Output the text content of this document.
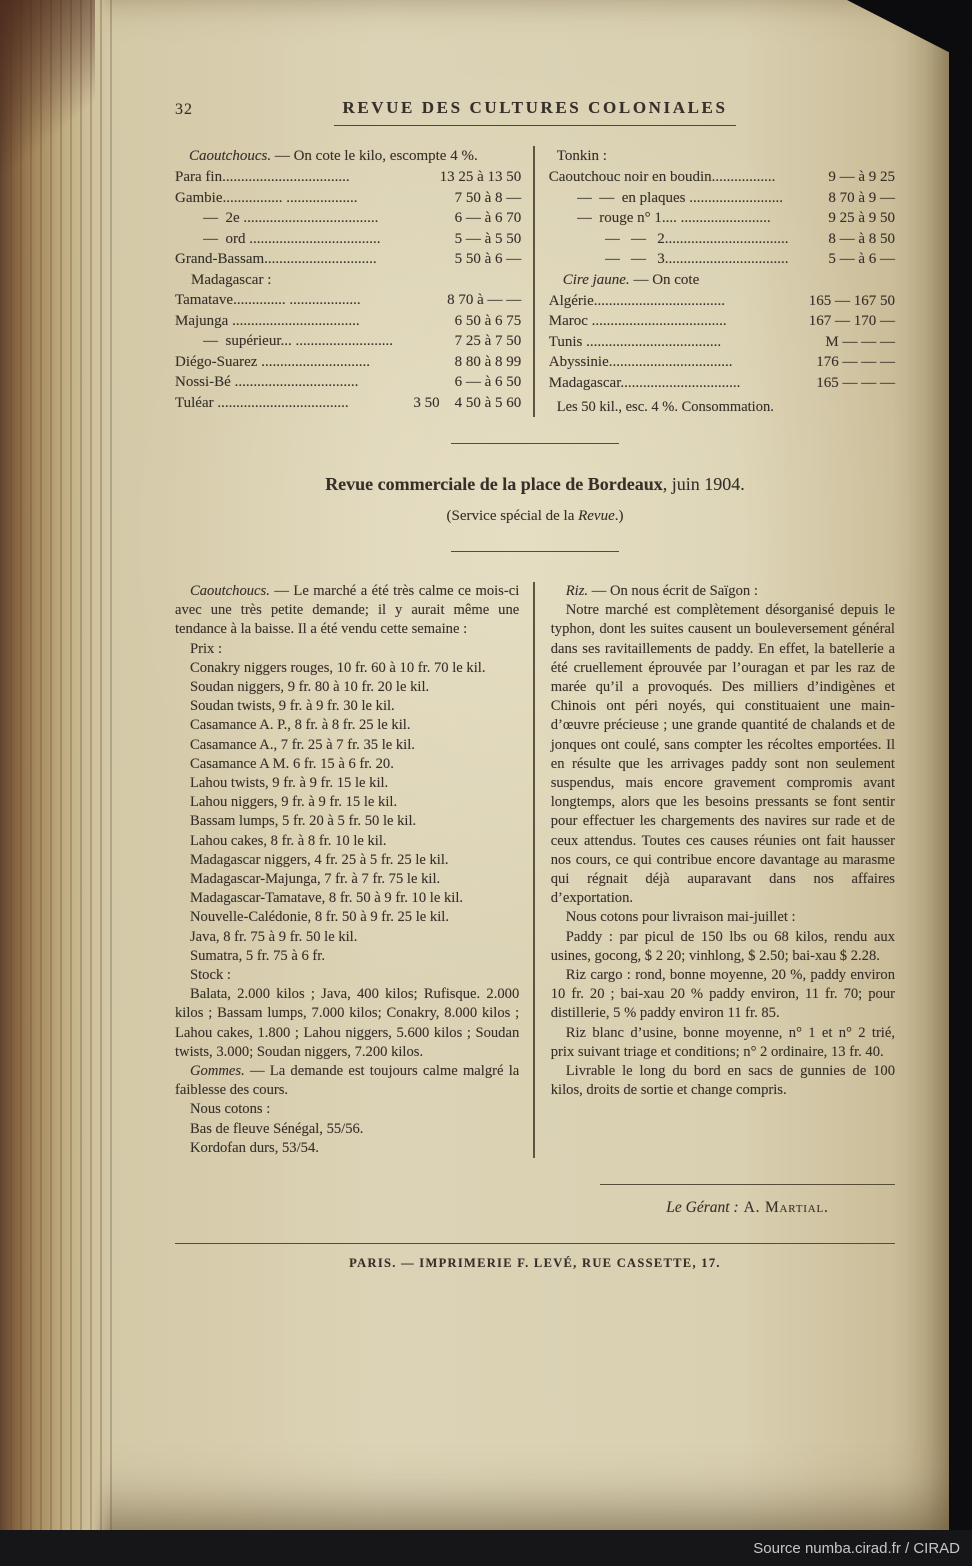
32	REVUE DES CULTURES COLONIALES

Caoutchoucs. — On cote le kilo, escompte 4 %.

Para fin..................................	13 25 à 13 50
Gambie................ ...................	7 50 à 8 —
—  2e ....................................	6 — à 6 70
—  ord ...................................	5 — à 5 50
Grand-Bassam..............................	5 50 à 6 —
Madagascar :
Tamatave.............. ...................	8 70 à — —
Majunga ..................................	6 50 à 6 75
—  supérieur... ..........................	7 25 à 7 50
Diégo-Suarez .............................	8 80 à 8 99
Nossi-Bé .................................	6 — à 6 50
Tuléar ...................................	3 50    4 50 à 5 60

Tonkin :

Caoutchouc noir en boudin.................	9 — à 9 25
—  —  en plaques .........................	8 70 à 9 —
—  rouge n° 1.... ........................	9 25 à 9 50
—   —   2.................................	8 — à 8 50
—   —   3.................................	5 — à 6 —

Cire jaune. — On cote

Algérie...................................	165 — 167 50
Maroc ....................................	167 — 170 —
Tunis ....................................	M — — —
Abyssinie.................................	176 — — —
Madagascar................................	165 — — —

Les 50 kil., esc. 4 %. Consommation.

Revue commerciale de la place de Bordeaux, juin 1904.

(Service spécial de la Revue.)

Caoutchoucs. — Le marché a été très calme ce mois-ci avec une très petite demande; il y aurait même une tendance à la baisse. Il a été vendu cette semaine :

Prix :

Conakry niggers rouges, 10 fr. 60 à 10 fr. 70 le kil.

Soudan niggers, 9 fr. 80 à 10 fr. 20 le kil.

Soudan twists, 9 fr. à 9 fr. 30 le kil.

Casamance A. P., 8 fr. à 8 fr. 25 le kil.

Casamance A., 7 fr. 25 à 7 fr. 35 le kil.

Casamance A M. 6 fr. 15 à 6 fr. 20.

Lahou twists, 9 fr. à 9 fr. 15 le kil.

Lahou niggers, 9 fr. à 9 fr. 15 le kil.

Bassam lumps, 5 fr. 20 à 5 fr. 50 le kil.

Lahou cakes, 8 fr. à 8 fr. 10 le kil.

Madagascar niggers, 4 fr. 25 à 5 fr. 25 le kil.

Madagascar-Majunga, 7 fr. à 7 fr. 75 le kil.

Madagascar-Tamatave, 8 fr. 50 à 9 fr. 10 le kil.

Nouvelle-Calédonie, 8 fr. 50 à 9 fr. 25 le kil.

Java, 8 fr. 75 à 9 fr. 50 le kil.

Sumatra, 5 fr. 75 à 6 fr.

Stock :

Balata, 2.000 kilos ; Java, 400 kilos; Rufisque. 2.000 kilos ; Bassam lumps, 7.000 kilos; Conakry, 8.000 kilos ; Lahou cakes, 1.800 ; Lahou niggers, 5.600 kilos ; Soudan twists, 3.000; Soudan niggers, 7.200 kilos.

Gommes. — La demande est toujours calme malgré la faiblesse des cours.

Nous cotons :

Bas de fleuve Sénégal, 55/56.

Kordofan durs, 53/54.

Riz. — On nous écrit de Saïgon :

Notre marché est complètement désorganisé depuis le typhon, dont les suites causent un bouleversement général dans ses ravitaillements de paddy. En effet, la batellerie a été cruellement éprouvée par l’ouragan et par les raz de marée qu’il a provoqués. Des milliers d’indigènes et Chinois ont péri noyés, qui constituaient une main-d’œuvre précieuse ; une grande quantité de chalands et de jonques ont coulé, sans compter les récoltes emportées. Il en résulte que les arrivages paddy sont non seulement suspendus, mais encore gravement compromis avant longtemps, alors que les besoins pressants se font sentir pour effectuer les chargements des navires sur rade et de ceux attendus. Toutes ces causes réunies ont fait hausser nos cours, ce qui contribue encore davantage au marasme qui régnait déjà auparavant dans nos affaires d’exportation.

Nous cotons pour livraison mai-juillet :

Paddy : par picul de 150 lbs ou 68 kilos, rendu aux usines, gocong, $ 2 20; vinhlong, $ 2.50; bai-xau $ 2.28.

Riz cargo : rond, bonne moyenne, 20 %, paddy environ 10 fr. 20 ; bai-xau 20 % paddy environ, 11 fr. 70; pour distillerie, 5 % paddy environ 11 fr. 85.

Riz blanc d’usine, bonne moyenne, n° 1 et n° 2 trié, prix suivant triage et conditions; n° 2 ordinaire, 13 fr. 40.

Livrable le long du bord en sacs de gunnies de 100 kilos, droits de sortie et change compris.

Le Gérant : A. Martial.

PARIS. — IMPRIMERIE F. LEVÉ, RUE CASSETTE, 17.

Source numba.cirad.fr / CIRAD
